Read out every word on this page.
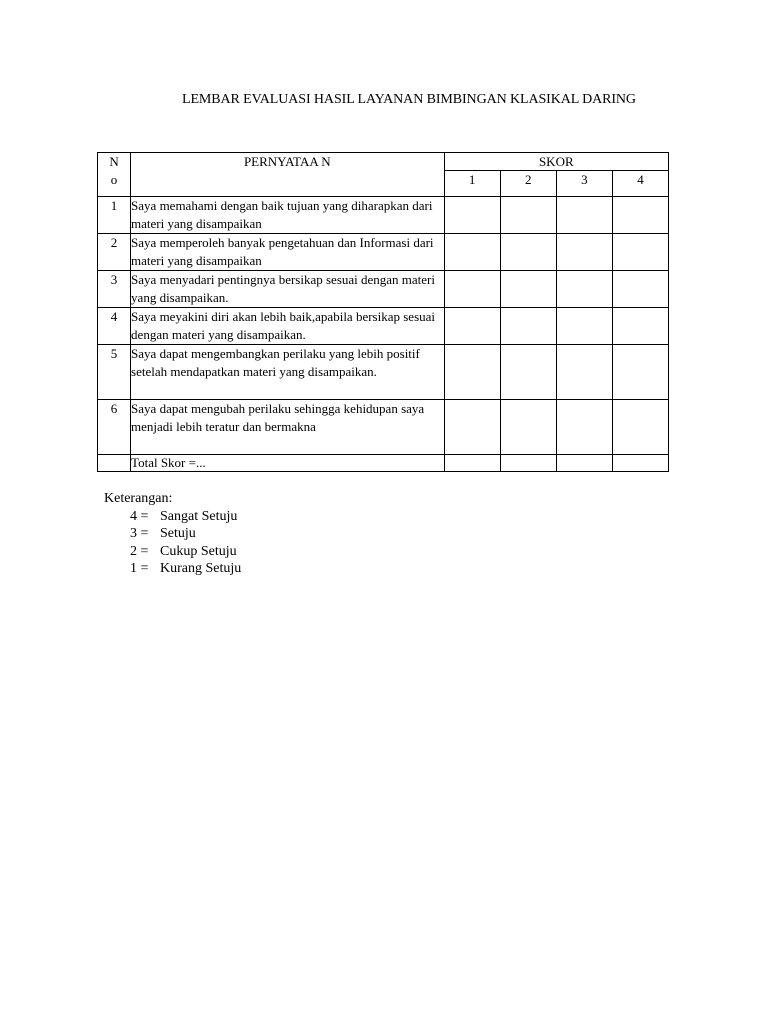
LEMBAR EVALUASI HASIL LAYANAN BIMBINGAN KLASIKAL DARING
N o	PERNYATAA N	SKOR			
		1	2	3	4
1	Saya memahami dengan baik tujuan yang diharapkan dari materi yang disampaikan				
2	Saya memperoleh banyak pengetahuan dan Informasi dari materi yang disampaikan				
3	Saya menyadari pentingnya bersikap sesuai dengan materi yang disampaikan.				
4	Saya meyakini diri akan lebih baik,apabila bersikap sesuai dengan materi yang disampaikan.				
5	Saya dapat mengembangkan perilaku yang lebih positif setelah mendapatkan materi yang disampaikan.				
6	Saya dapat mengubah perilaku sehingga kehidupan saya menjadi lebih teratur dan bermakna				
	Total Skor =...				
Keterangan:
4 = Sangat Setuju
3 = Setuju
2 = Cukup Setuju
1 = Kurang Setuju
